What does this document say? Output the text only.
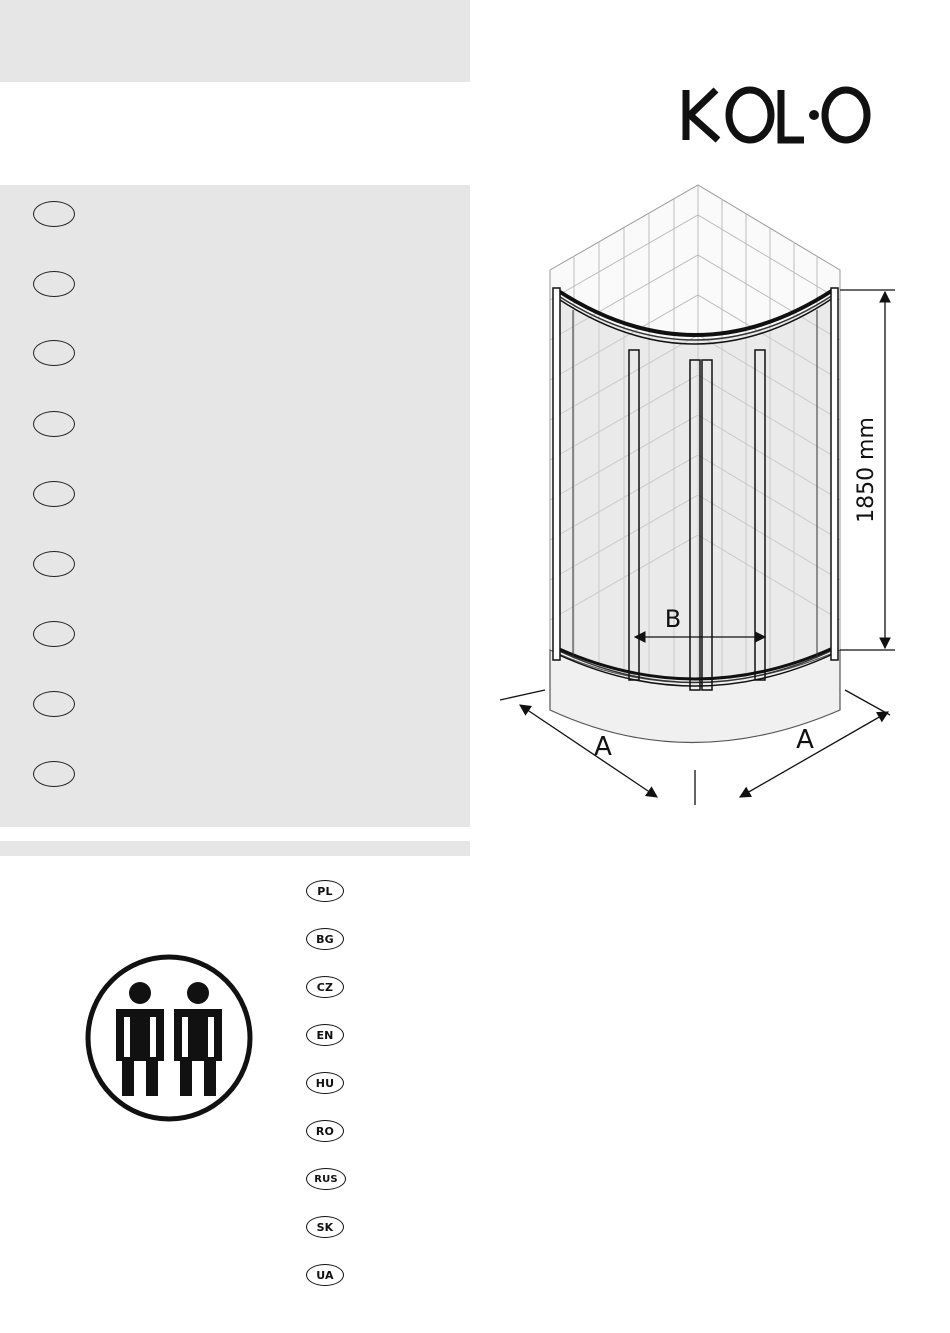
1850 mm
B
A	A
PL
BG
CZ
EN
HU
RO
RUS
SK
UA
